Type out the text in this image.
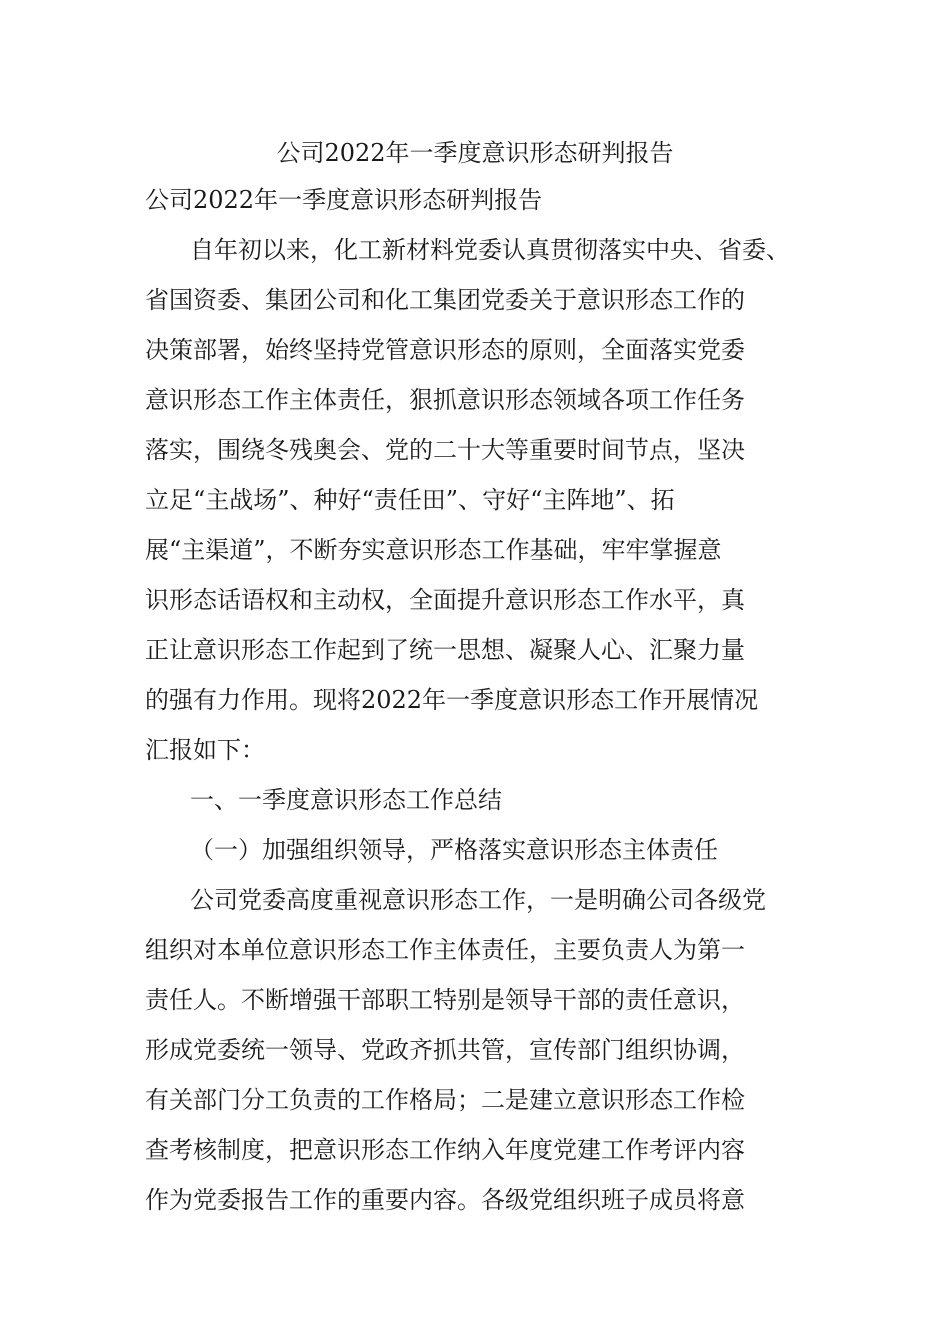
公司2022年一季度意识形态研判报告
公司2022年一季度意识形态研判报告
自年初以来，化工新材料党委认真贯彻落实中央、省委、
省国资委、集团公司和化工集团党委关于意识形态工作的
决策部署，始终坚持党管意识形态的原则，全面落实党委
意识形态工作主体责任，狠抓意识形态领域各项工作任务
落实，围绕冬残奥会、党的二十大等重要时间节点，坚决
立足“主战场”、种好“责任田”、守好“主阵地”、拓
展“主渠道”，不断夯实意识形态工作基础，牢牢掌握意
识形态话语权和主动权，全面提升意识形态工作水平，真
正让意识形态工作起到了统一思想、凝聚人心、汇聚力量
的强有力作用。现将2022年一季度意识形态工作开展情况
汇报如下：
一、一季度意识形态工作总结
（一）加强组织领导，严格落实意识形态主体责任
公司党委高度重视意识形态工作，一是明确公司各级党
组织对本单位意识形态工作主体责任，主要负责人为第一
责任人。不断增强干部职工特别是领导干部的责任意识，
形成党委统一领导、党政齐抓共管，宣传部门组织协调，
有关部门分工负责的工作格局；二是建立意识形态工作检
查考核制度，把意识形态工作纳入年度党建工作考评内容
作为党委报告工作的重要内容。各级党组织班子成员将意
